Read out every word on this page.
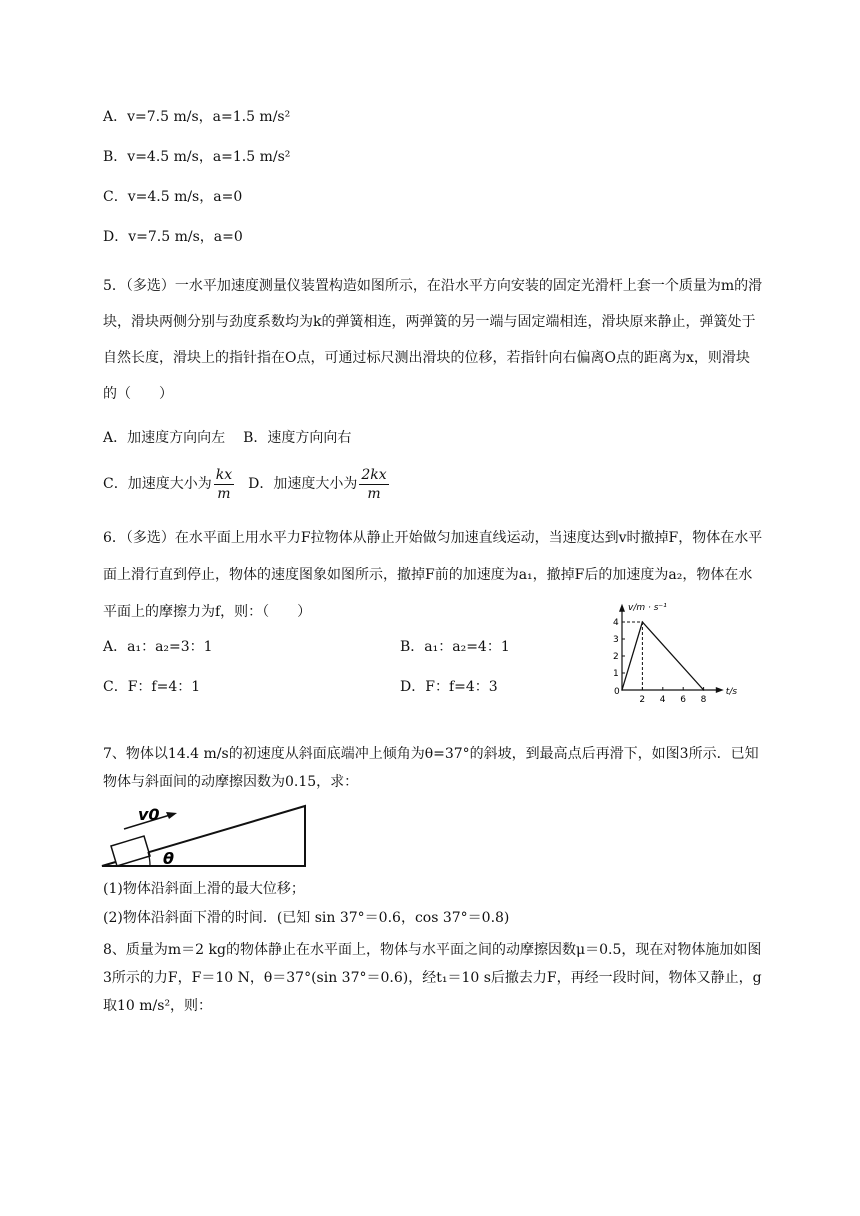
A．v=7.5 m/s，a=1.5 m/s²
B．v=4.5 m/s，a=1.5 m/s²
C．v=4.5 m/s，a=0
D．v=7.5 m/s，a=0
5．（多选）一水平加速度测量仪装置构造如图所示，在沿水平方向安装的固定光滑杆上套一个质量为m的滑块，滑块两侧分别与劲度系数均为k的弹簧相连，两弹簧的另一端与固定端相连，滑块原来静止，弹簧处于自然长度，滑块上的指针指在O点，可通过标尺测出滑块的位移，若指针向右偏离O点的距离为x，则滑块的（　　）
A．加速度方向向左 B．速度方向向右
C．加速度大小为 $\frac{kx}{m}$ D．加速度大小为 $\frac{2kx}{m}$
6．（多选）在水平面上用水平力F拉物体从静止开始做匀加速直线运动，当速度达到v时撤掉F，物体在水平面上滑行直到停止，物体的速度图象如图所示，撤掉F前的加速度为a₁，撤掉F后的加速度为a₂，物体在水平面上的摩擦力为f，则：（　　）
A．a₁：a₂=3：1	B．a₁：a₂=4：1
C．F：f=4：1	D．F：f=4：3	t/s
v/m · s⁻¹
0
2 4 6 8
1
2
3
4
7、物体以14.4 m/s的初速度从斜面底端冲上倾角为θ=37°的斜坡，到最高点后再滑下，如图3所示．已知物体与斜面间的动摩擦因数为0.15，求：
v0
θ
(1)物体沿斜面上滑的最大位移；
(2)物体沿斜面下滑的时间．(已知 sin 37°＝0.6，cos 37°＝0.8)
8、质量为m＝2 kg的物体静止在水平面上，物体与水平面之间的动摩擦因数μ＝0.5，现在对物体施加如图3所示的力F，F＝10 N，θ＝37°(sin 37°＝0.6)，经t₁＝10 s后撤去力F，再经一段时间，物体又静止，g取10 m/s²，则：
